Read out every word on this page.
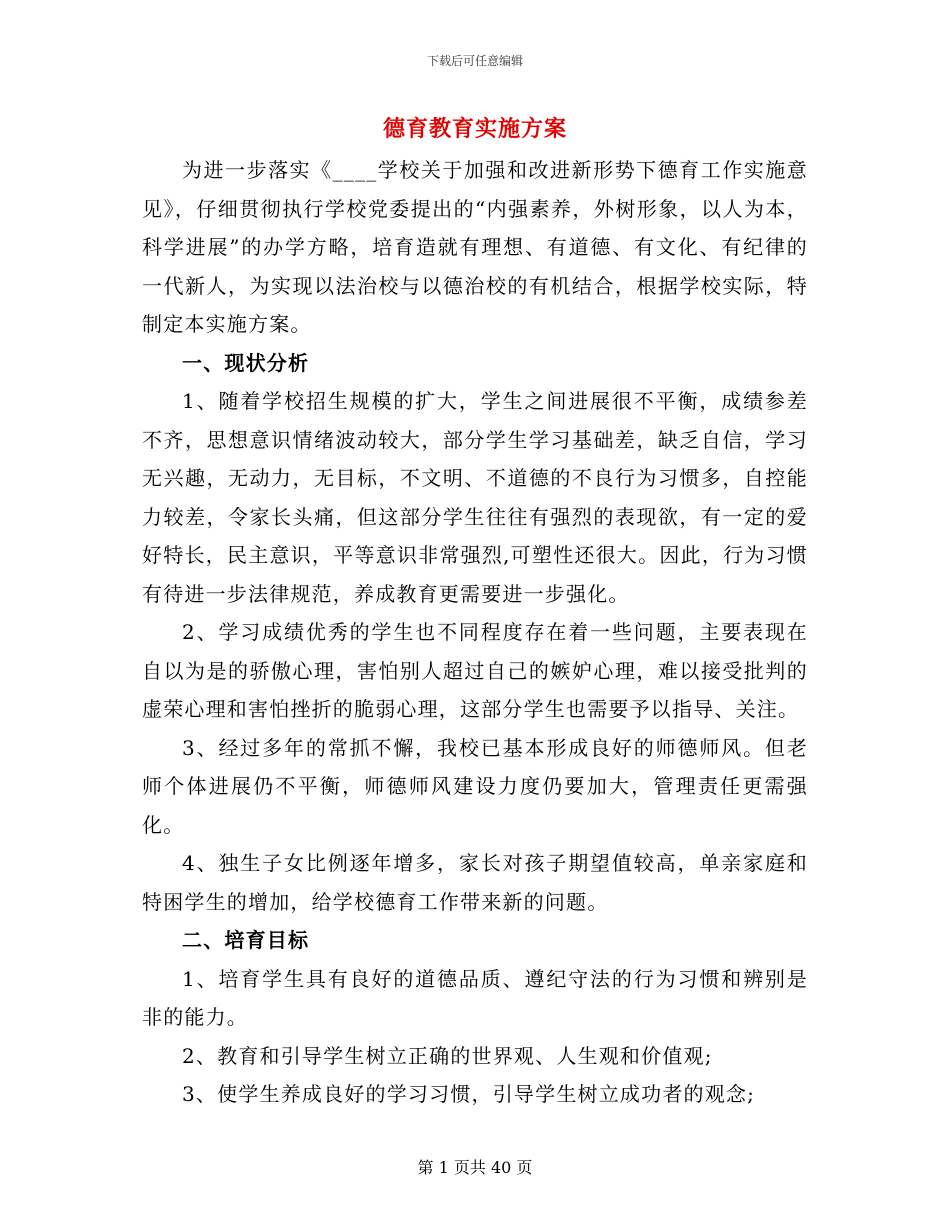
下载后可任意编辑
德育教育实施方案

为进一步落实《____学校关于加强和改进新形势下德育工作实施意见》，仔细贯彻执行学校党委提出的“内强素养，外树形象，以人为本，科学进展”的办学方略，培育造就有理想、有道德、有文化、有纪律的一代新人，为实现以法治校与以德治校的有机结合，根据学校实际，特制定本实施方案。

一、现状分析

1、随着学校招生规模的扩大，学生之间进展很不平衡，成绩参差不齐，思想意识情绪波动较大，部分学生学习基础差，缺乏自信，学习无兴趣，无动力，无目标，不文明、不道德的不良行为习惯多，自控能力较差，令家长头痛，但这部分学生往往有强烈的表现欲，有一定的爱好特长，民主意识，平等意识非常强烈,可塑性还很大。因此，行为习惯有待进一步法律规范，养成教育更需要进一步强化。

2、学习成绩优秀的学生也不同程度存在着一些问题，主要表现在自以为是的骄傲心理，害怕别人超过自己的嫉妒心理，难以接受批判的虚荣心理和害怕挫折的脆弱心理，这部分学生也需要予以指导、关注。

3、经过多年的常抓不懈，我校已基本形成良好的师德师风。但老师个体进展仍不平衡，师德师风建设力度仍要加大，管理责任更需强化。

4、独生子女比例逐年增多，家长对孩子期望值较高，单亲家庭和特困学生的增加，给学校德育工作带来新的问题。

二、培育目标

1、培育学生具有良好的道德品质、遵纪守法的行为习惯和辨别是非的能力。

2、教育和引导学生树立正确的世界观、人生观和价值观;

3、使学生养成良好的学习习惯，引导学生树立成功者的观念;

第 1 页共 40 页
